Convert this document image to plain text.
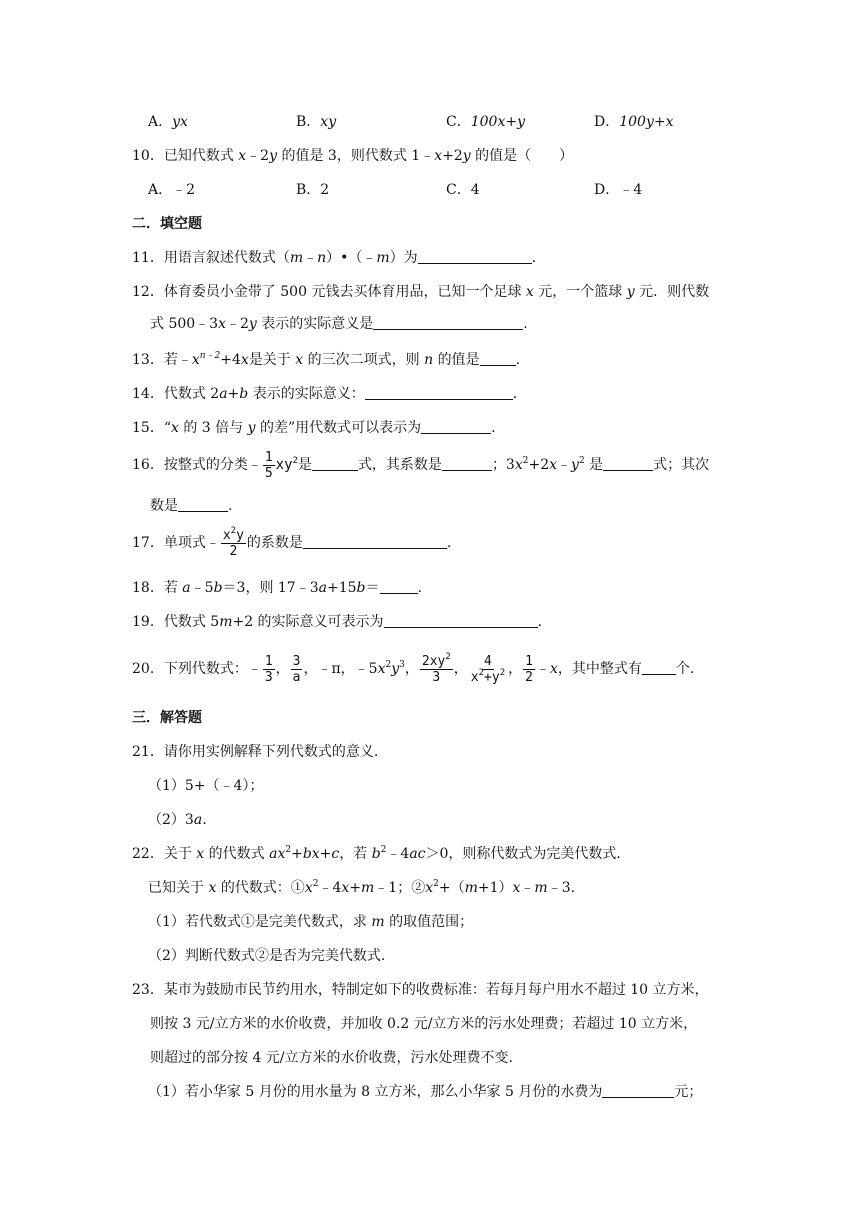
A．yx	B．xy	C．100x+y	D．100y+x
10．已知代数式 x﹣2y 的值是 3，则代数式 1﹣x+2y 的值是（　　）
A．﹣2	B．2	C．4	D．﹣4
二．填空题
11．用语言叙述代数式（m﹣n）•（﹣m）为	.
12．体育委员小金带了 500 元钱去买体育用品，已知一个足球 x 元，一个篮球 y 元．则代数
式 500﹣3x﹣2y 表示的实际意义是	.
13．若$﹣x^{n﹣2}+4x$是关于 x 的三次二项式，则 n 的值是	.
14．代数式 2a+b 表示的实际意义：	.
15．“x 的 3 倍与 y 的差”用代数式可以表示为	.
16．按整式的分类﹣ $\frac{1}{5} xy^2$是	式，其系数是	；$3x^2+2x﹣y^2$ 是	式；其次
数是	.
17．单项式﹣ $\frac{x^2y}{2}$ 的系数是	.
18．若 a﹣5b＝3，则 17﹣3a+15b＝	.
19．代数式 5m+2 的实际意义可表示为	.
20．下列代数式：﹣ $\frac{1}{3}$ ， $\frac{3}{a}$ ，﹣π，$﹣5x^2y^3$， $\frac{2xy^2}{3}$ ， $\frac{4}{x^2+y^2}$ ， $\frac{1}{2}$ ﹣x，其中整式有 个.
三．解答题
21．请你用实例解释下列代数式的意义.
（1）5+（﹣4）；
（2）3a.
22．关于 x 的代数式 $ax^2+bx+c$，若 $b^2﹣4ac>0$，则称代数式为完美代数式.
已知关于 x 的代数式：$①x^2﹣4x+m﹣1$；$②x^2+(m+1)x﹣m﹣3$.
（1）若代数式①是完美代数式，求 m 的取值范围；
（2）判断代数式②是否为完美代数式.
23．某市为鼓励市民节约用水，特制定如下的收费标准：若每月每户用水不超过 10 立方米，
则按 3 元/立方米的水价收费，并加收 0.2 元/立方米的污水处理费；若超过 10 立方米，
则超过的部分按 4 元/立方米的水价收费，污水处理费不变.
（1）若小华家 5 月份的用水量为 8 立方米，那么小华家 5 月份的水费为	元；
